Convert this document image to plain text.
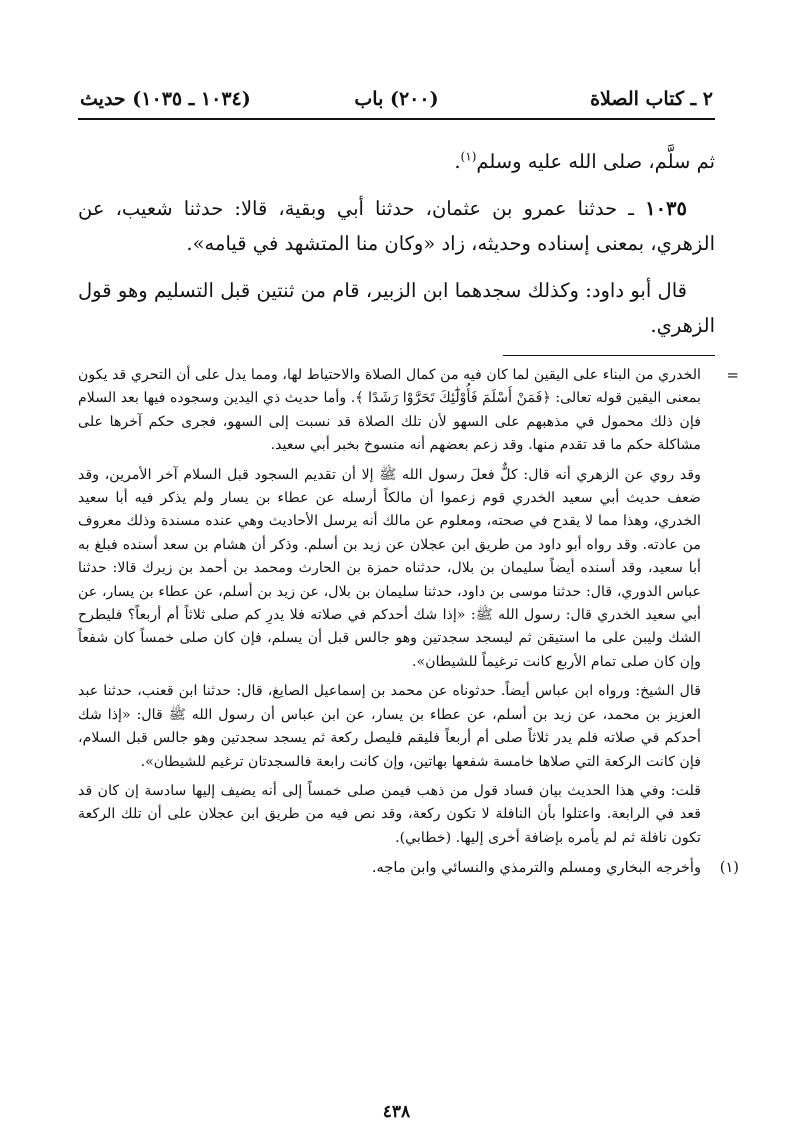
٢ ـ كتاب الصلاة
(٢٠٠) باب
(١٠٣٤ ـ ١٠٣٥) حديث

ثم سلَّم، صلى الله عليه وسلم$^{(١)}$.

١٠٣٥ ـ حدثنا عمرو بن عثمان، حدثنا أبي وبقية، قالا: حدثنا شعيب، عن الزهري، بمعنى إسناده وحديثه، زاد «وكان منا المتشهد في قيامه».

قال أبو داود: وكذلك سجدهما ابن الزبير، قام من ثنتين قبل التسليم وهو قول الزهري.

=

الخدري من البناء على اليقين لما كان فيه من كمال الصلاة والاحتياط لها، ومما يدل على أن التحري قد يكون بمعنى اليقين قوله تعالى: ﴿فَمَنْ أَسْلَمَ فَأُوْلَٰٓئِكَ تَحَرَّوْا رَشَدًا ﴾. وأما حديث ذي اليدين وسجوده فيها بعد السلام فإن ذلك محمول في مذهبهم على السهو لأن تلك الصلاة قد نسبت إلى السهو، فجرى حكم آخرها على مشاكلة حكم ما قد تقدم منها. وقد زعم بعضهم أنه منسوخ بخبر أبي سعيد.

وقد روي عن الزهري أنه قال: كلٌّ فعلَ رسول الله ﷺ إلا أن تقديم السجود قبل السلام آخر الأمرين، وقد ضعف حديث أبي سعيد الخدري قوم زعموا أن مالكاً أرسله عن عطاء بن يسار ولم يذكر فيه أبا سعيد الخدري، وهذا مما لا يقدح في صحته، ومعلوم عن مالك أنه يرسل الأحاديث وهي عنده مسندة وذلك معروف من عادته. وقد رواه أبو داود من طريق ابن عجلان عن زيد بن أسلم. وذكر أن هشام بن سعد أسنده فبلغ به أبا سعيد، وقد أسنده أيضاً سليمان بن بلال، حدثناه حمزة بن الحارث ومحمد بن أحمد بن زيرك قالا: حدثنا عباس الدوري، قال: حدثنا موسى بن داود، حدثنا سليمان بن بلال، عن زيد بن أسلم، عن عطاء بن يسار، عن أبي سعيد الخدري قال: رسول الله ﷺ: «إذا شك أحدكم في صلاته فلا يدرِ كم صلى ثلاثاً أم أربعاً؟ فليطرح الشك وليبن على ما استيقن ثم ليسجد سجدتين وهو جالس قبل أن يسلم، فإن كان صلى خمساً كان شفعاً وإن كان صلى تمام الأربع كانت ترغيماً للشيطان».

قال الشيخ: ورواه ابن عباس أيضاً. حدثوناه عن محمد بن إسماعيل الصايغ، قال: حدثنا ابن قعنب، حدثنا عبد العزيز بن محمد، عن زيد بن أسلم، عن عطاء بن يسار، عن ابن عباس أن رسول الله ﷺ قال: «إذا شك أحدكم في صلاته فلم يدر ثلاثاً صلى أم أربعاً فليقم فليصل ركعة ثم يسجد سجدتين وهو جالس قبل السلام، فإن كانت الركعة التي صلاها خامسة شفعها بهاتين، وإن كانت رابعة فالسجدتان ترغيم للشيطان».

قلت: وفي هذا الحديث بيان فساد قول من ذهب فيمن صلى خمساً إلى أنه يضيف إليها سادسة إن كان قد قعد في الرابعة. واعتلوا بأن النافلة لا تكون ركعة، وقد نص فيه من طريق ابن عجلان على أن تلك الركعة تكون نافلة ثم لم يأمره بإضافة أخرى إليها. (خطابي).

(١)
وأخرجه البخاري ومسلم والترمذي والنسائي وابن ماجه.
٤٣٨
